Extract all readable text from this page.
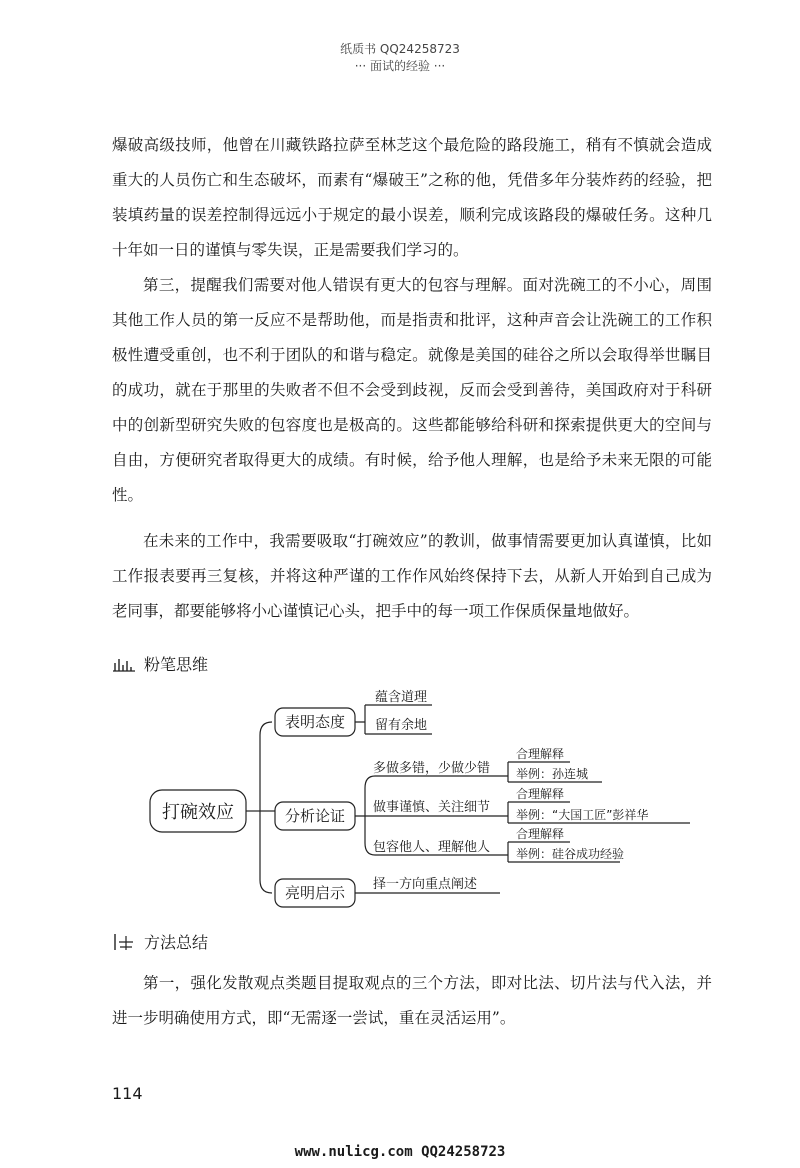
纸质书 QQ24258723
··· 面试的经验 ···
爆破高级技师，他曾在川藏铁路拉萨至林芝这个最危险的路段施工，稍有不慎就会造成重大的人员伤亡和生态破坏，而素有“爆破王”之称的他，凭借多年分装炸药的经验，把装填药量的误差控制得远远小于规定的最小误差，顺利完成该路段的爆破任务。这种几十年如一日的谨慎与零失误，正是需要我们学习的。
第三，提醒我们需要对他人错误有更大的包容与理解。面对洗碗工的不小心，周围其他工作人员的第一反应不是帮助他，而是指责和批评，这种声音会让洗碗工的工作积极性遭受重创，也不利于团队的和谐与稳定。就像是美国的硅谷之所以会取得举世瞩目的成功，就在于那里的失败者不但不会受到歧视，反而会受到善待，美国政府对于科研中的创新型研究失败的包容度也是极高的。这些都能够给科研和探索提供更大的空间与自由，方便研究者取得更大的成绩。有时候，给予他人理解，也是给予未来无限的可能性。
在未来的工作中，我需要吸取“打碗效应”的教训，做事情需要更加认真谨慎，比如工作报表要再三复核，并将这种严谨的工作作风始终保持下去，从新人开始到自己成为老同事，都要能够将小心谨慎记心头，把手中的每一项工作保质保量地做好。
粉笔思维
打碗效应
表明态度
蕴含道理
留有余地
分析论证
多做多错，少做少错
做事谨慎、关注细节
包容他人、理解他人
合理解释
举例：孙连城
合理解释
举例：“大国工匠”彭祥华
合理解释
举例：硅谷成功经验
亮明启示 择一方向重点阐述
方法总结
第一，强化发散观点类题目提取观点的三个方法，即对比法、切片法与代入法，并进一步明确使用方式，即“无需逐一尝试，重在灵活运用”。
114
www.nulicg.com QQ24258723
